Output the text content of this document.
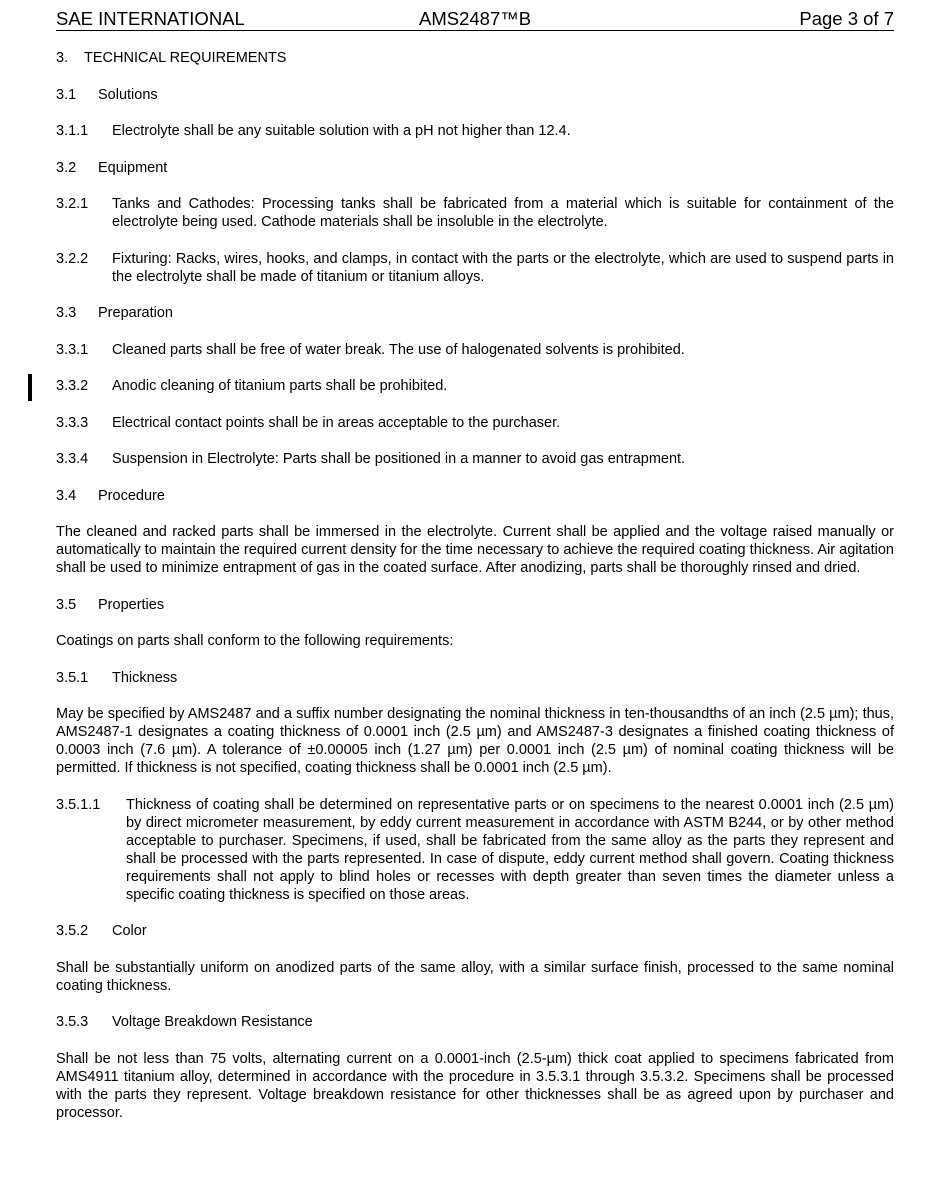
SAE INTERNATIONAL	AMS2487™B	Page 3 of 7
3.	TECHNICAL REQUIREMENTS
3.1	Solutions
3.1.1	Electrolyte shall be any suitable solution with a pH not higher than 12.4.
3.2	Equipment
3.2.1	Tanks and Cathodes: Processing tanks shall be fabricated from a material which is suitable for containment of the electrolyte being used. Cathode materials shall be insoluble in the electrolyte.
3.2.2	Fixturing: Racks, wires, hooks, and clamps, in contact with the parts or the electrolyte, which are used to suspend parts in the electrolyte shall be made of titanium or titanium alloys.
3.3	Preparation
3.3.1	Cleaned parts shall be free of water break. The use of halogenated solvents is prohibited.
3.3.2	Anodic cleaning of titanium parts shall be prohibited.
3.3.3	Electrical contact points shall be in areas acceptable to the purchaser.
3.3.4	Suspension in Electrolyte: Parts shall be positioned in a manner to avoid gas entrapment.
3.4	Procedure
The cleaned and racked parts shall be immersed in the electrolyte. Current shall be applied and the voltage raised manually or automatically to maintain the required current density for the time necessary to achieve the required coating thickness. Air agitation shall be used to minimize entrapment of gas in the coated surface. After anodizing, parts shall be thoroughly rinsed and dried.
3.5	Properties
Coatings on parts shall conform to the following requirements:
3.5.1	Thickness
May be specified by AMS2487 and a suffix number designating the nominal thickness in ten-thousandths of an inch (2.5 µm); thus, AMS2487-1 designates a coating thickness of 0.0001 inch (2.5 µm) and AMS2487-3 designates a finished coating thickness of 0.0003 inch (7.6 µm). A tolerance of ±0.00005 inch (1.27 µm) per 0.0001 inch (2.5 µm) of nominal coating thickness will be permitted. If thickness is not specified, coating thickness shall be 0.0001 inch (2.5 µm).
3.5.1.1	Thickness of coating shall be determined on representative parts or on specimens to the nearest 0.0001 inch (2.5 µm) by direct micrometer measurement, by eddy current measurement in accordance with ASTM B244, or by other method acceptable to purchaser. Specimens, if used, shall be fabricated from the same alloy as the parts they represent and shall be processed with the parts represented. In case of dispute, eddy current method shall govern. Coating thickness requirements shall not apply to blind holes or recesses with depth greater than seven times the diameter unless a specific coating thickness is specified on those areas.
3.5.2	Color
Shall be substantially uniform on anodized parts of the same alloy, with a similar surface finish, processed to the same nominal coating thickness.
3.5.3	Voltage Breakdown Resistance
Shall be not less than 75 volts, alternating current on a 0.0001-inch (2.5-µm) thick coat applied to specimens fabricated from AMS4911 titanium alloy, determined in accordance with the procedure in 3.5.3.1 through 3.5.3.2. Specimens shall be processed with the parts they represent. Voltage breakdown resistance for other thicknesses shall be as agreed upon by purchaser and processor.
